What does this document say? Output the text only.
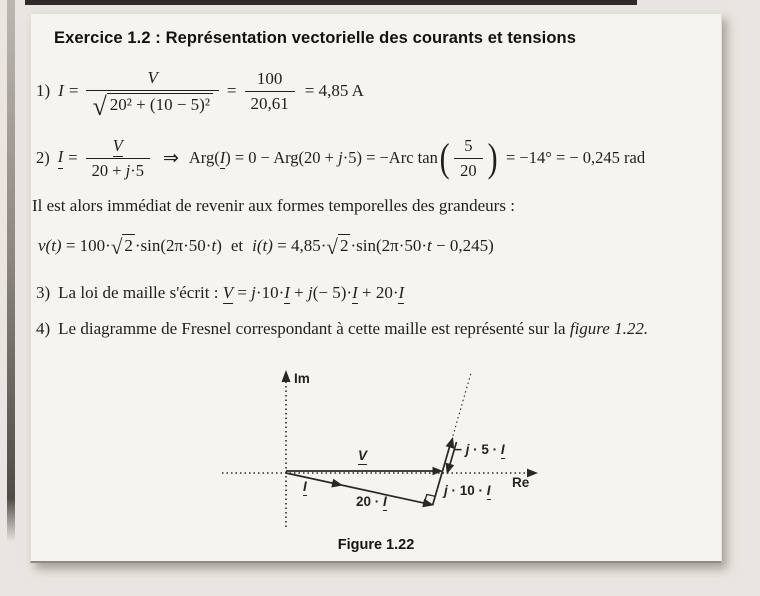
Exercice 1.2 : Représentation vectorielle des courants et tensions
1) $I = \frac{V}{\text{√ 20² + (10 − 5)²}} = \frac{100}{20,61} = 4,85$ A
2) $I = \frac{V}{20 + j\cdot 5}$ ⇒ Arg(I) = 0 − Arg(20 + j·5) = −Arc tan ( $\frac{5}{20}$ ) = −14° = − 0,245 rad
Il est alors immédiat de revenir aux formes temporelles des grandeurs :
v(t) = 100·√ 2 ·sin(2π·50·t) et i(t) = 4,85·√ 2 ·sin(2π·50·t − 0,245)
3) La loi de maille s'écrit : V = j·10·I + j(− 5)·I + 20·I
4) Le diagramme de Fresnel correspondant à cette maille est représenté sur la figure 1.22.
Im
Re
V
I
20 · I
j · 10 · I
− j · 5 · I
Figure 1.22
